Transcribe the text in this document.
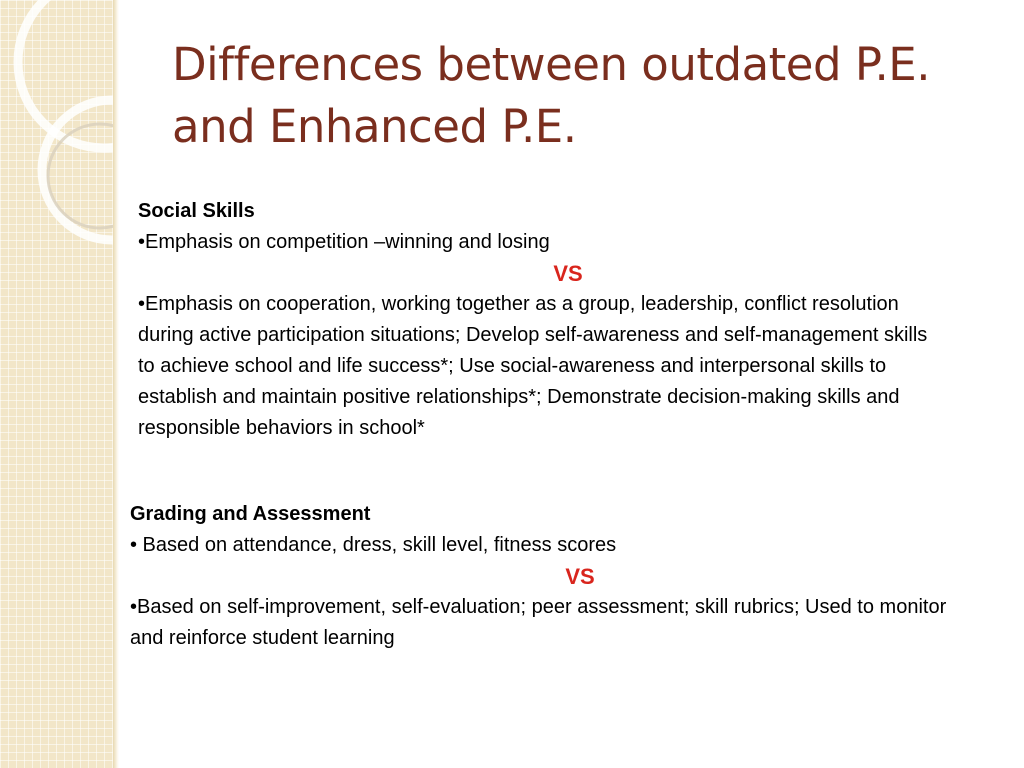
Differences between outdated P.E.
and Enhanced P.E.

Social Skills

•Emphasis on competition –winning and losing

VS

•Emphasis on cooperation, working together as a group, leadership, conflict resolution during active participation situations; Develop self-awareness and self-management skills to achieve school and life success*; Use social-awareness and interpersonal skills to establish and maintain positive relationships*; Demonstrate decision-making skills and responsible behaviors in school*

Grading and Assessment

• Based on attendance, dress, skill level, fitness scores

VS

•Based on self-improvement, self-evaluation; peer assessment; skill rubrics; Used to monitor and reinforce student learning
